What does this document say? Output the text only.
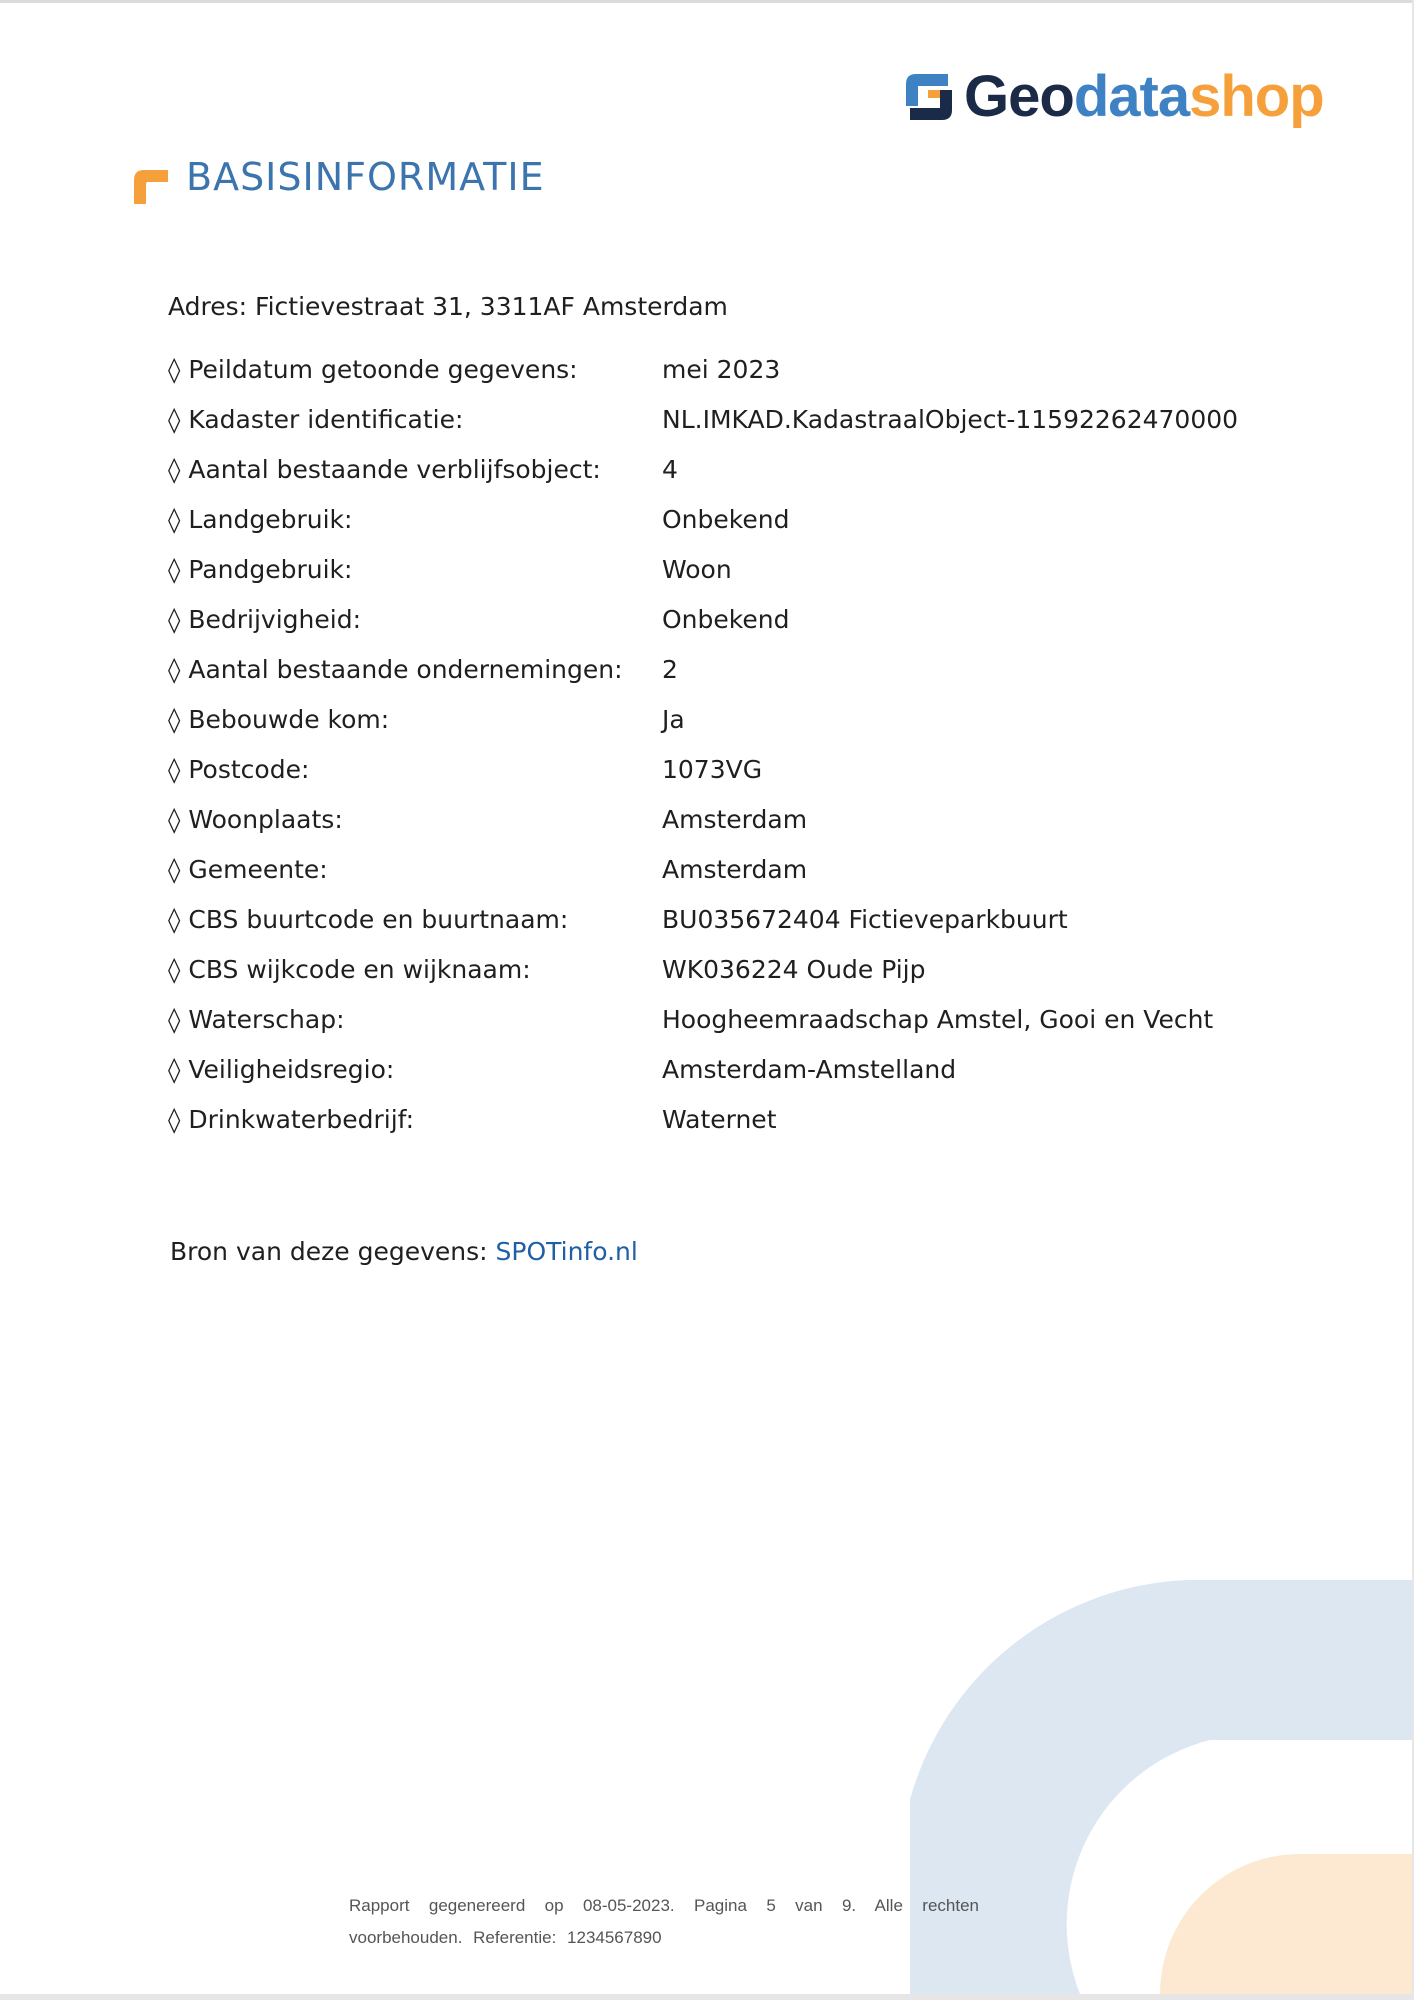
Geodatashop
BASISINFORMATIE
Adres: Fictievestraat 31, 3311AF Amsterdam
◊ Peildatum getoonde gegevens:	mei 2023
◊ Kadaster identificatie:	NL.IMKAD.KadastraalObject-11592262470000
◊ Aantal bestaande verblijfsobject: 4
◊ Landgebruik:	Onbekend
◊ Pandgebruik:	Woon
◊ Bedrijvigheid:	Onbekend
◊ Aantal bestaande ondernemingen: 2
◊ Bebouwde kom:	Ja
◊ Postcode:	1073VG
◊ Woonplaats:	Amsterdam
◊ Gemeente:	Amsterdam
◊ CBS buurtcode en buurtnaam:	BU035672404 Fictieveparkbuurt
◊ CBS wijkcode en wijknaam:	WK036224 Oude Pijp
◊ Waterschap:	Hoogheemraadschap Amstel, Gooi en Vecht
◊ Veiligheidsregio:	Amsterdam-Amstelland
◊ Drinkwaterbedrijf:	Waternet
Bron van deze gegevens: SPOTinfo.nl
Rapport gegenereerd op 08-05-2023. Pagina 5 van 9. Alle rechten voorbehouden. Referentie: 1234567890
